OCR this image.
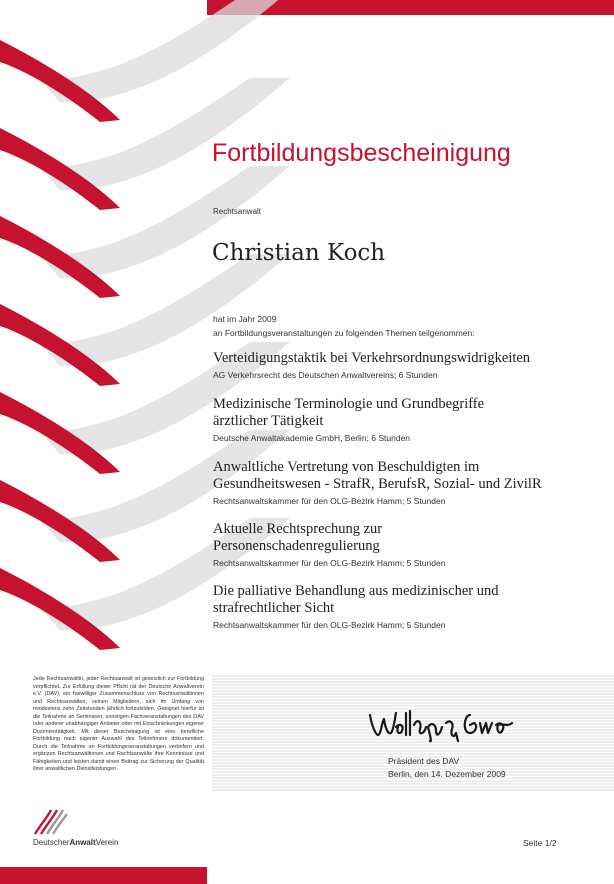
Fortbildungsbescheinigung
Rechtsanwalt
Christian Koch
hat im Jahr 2009
an Fortbildungsveranstaltungen zu folgenden Themen teilgenommen:
Verteidigungstaktik bei Verkehrsordnungswidrigkeiten
AG Verkehrsrecht des Deutschen Anwaltvereins; 6 Stunden
Medizinische Terminologie und Grundbegriffe
ärztlicher Tätigkeit
Deutsche Anwaltakademie GmbH, Berlin; 6 Stunden
Anwaltliche Vertretung von Beschuldigten im
Gesundheitswesen - StrafR, BerufsR, Sozial- und ZivilR
Rechtsanwaltskammer für den OLG-Bezirk Hamm; 5 Stunden
Aktuelle Rechtsprechung zur
Personenschadenregulierung
Rechtsanwaltskammer für den OLG-Bezirk Hamm; 5 Stunden
Die palliative Behandlung aus medizinischer und
strafrechtlicher Sicht
Rechtsanwaltskammer für den OLG-Bezirk Hamm; 5 Stunden
Jede Rechtsanwältin, jeder Rechtsanwalt ist gesetzlich zur Fortbildung verpflichtet. Zur Erfüllung dieser Pflicht rät der Deutsche Anwaltverein e.V. (DAV), ein freiwilliger Zusammenschluss von Rechtsanwältinnen und Rechtsanwälten, seinen Mitgliedern, sich im Umfang von mindestens zehn Zeitstunden jährlich fortzubilden. Geeignet hierfür ist die Teilnahme an Seminaren, sonstigen Fachveranstaltungen des DAV oder anderer unabhängiger Anbieter oder mit Einschränkungen eigener Dozententätigkeit. Mit dieser Bescheinigung ist eine berufliche Fortbildung nach eigener Auswahl des Teilnehmers dokumentiert. Durch die Teilnahme an Fortbildungsveranstaltungen verbefern und ergänzen Rechtsanwältinnen und Rechtsanwälte ihre Kenntnisse und Fähigkeiten und leisten damit einen Beitrag zur Sicherung der Qualität ihrer anwaltlichen Dienstleistungen.
Präsident des DAV
Berlin, den 14. Dezember 2009
DeutscherAnwaltVerein	Seite 1/2
